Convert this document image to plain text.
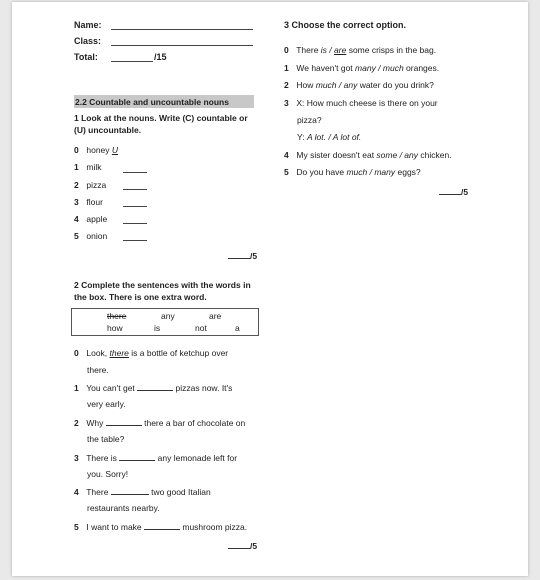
Name:
Class:
Total:	/15
2.2 Countable and uncountable nouns
1 Look at the nouns. Write (C) countable or
(U) uncountable.
0 honey U
1 milk
2 pizza
3 flour
4 apple
5 onion
/5
2 Complete the sentences with the words in
the box. There is one extra word.
there	any	are
how	is	not	a
0 Look, there is a bottle of ketchup over
there.
1 You can't get	pizzas now. It's
very early.
2 Why	there a bar of chocolate on
the table?
3 There is	any lemonade left for
you. Sorry!
4 There	two good Italian
restaurants nearby.
5 I want to make	mushroom pizza.
/5
3 Choose the correct option.
0 There is / are some crisps in the bag.
1 We haven't got many / much oranges.
2 How much / any water do you drink?
3 X: How much cheese is there on your
pizza?
Y: A lot. / A lot of.
4 My sister doesn't eat some / any chicken.
5 Do you have much / many eggs?
/5
